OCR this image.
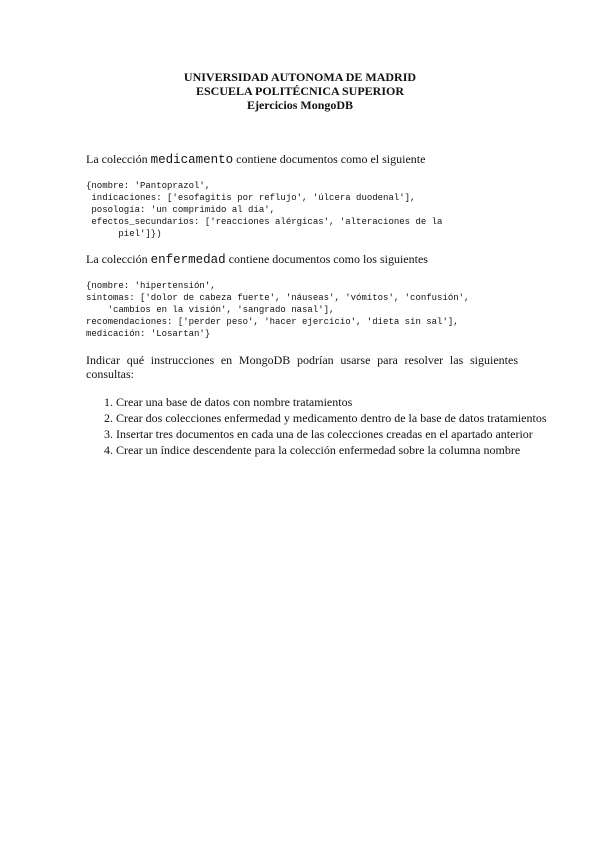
UNIVERSIDAD AUTONOMA DE MADRID
ESCUELA POLITÉCNICA SUPERIOR
Ejercicios MongoDB
La colección medicamento contiene documentos como el siguiente
{nombre: 'Pantoprazol',
indicaciones: ['esofagitis por reflujo', 'úlcera duodenal'],
posología: 'un comprimido al día',
efectos_secundarios: ['reacciones alérgicas', 'alteraciones de la
piel']})
La colección enfermedad contiene documentos como los siguientes
{nombre: 'hipertensión',
síntomas: ['dolor de cabeza fuerte', 'náuseas', 'vómitos', 'confusión',
'cambios en la visión', 'sangrado nasal'],
recomendaciones: ['perder peso', 'hacer ejercicio', 'dieta sin sal'],
medicación: 'Losartan'}
Indicar qué instrucciones en MongoDB podrían usarse para resolver las siguientes consultas:
1. Crear una base de datos con nombre tratamientos
2. Crear dos colecciones enfermedad y medicamento dentro de la base de datos tratamientos
3. Insertar tres documentos en cada una de las colecciones creadas en el apartado anterior
4. Crear un índice descendente para la colección enfermedad sobre la columna nombre
